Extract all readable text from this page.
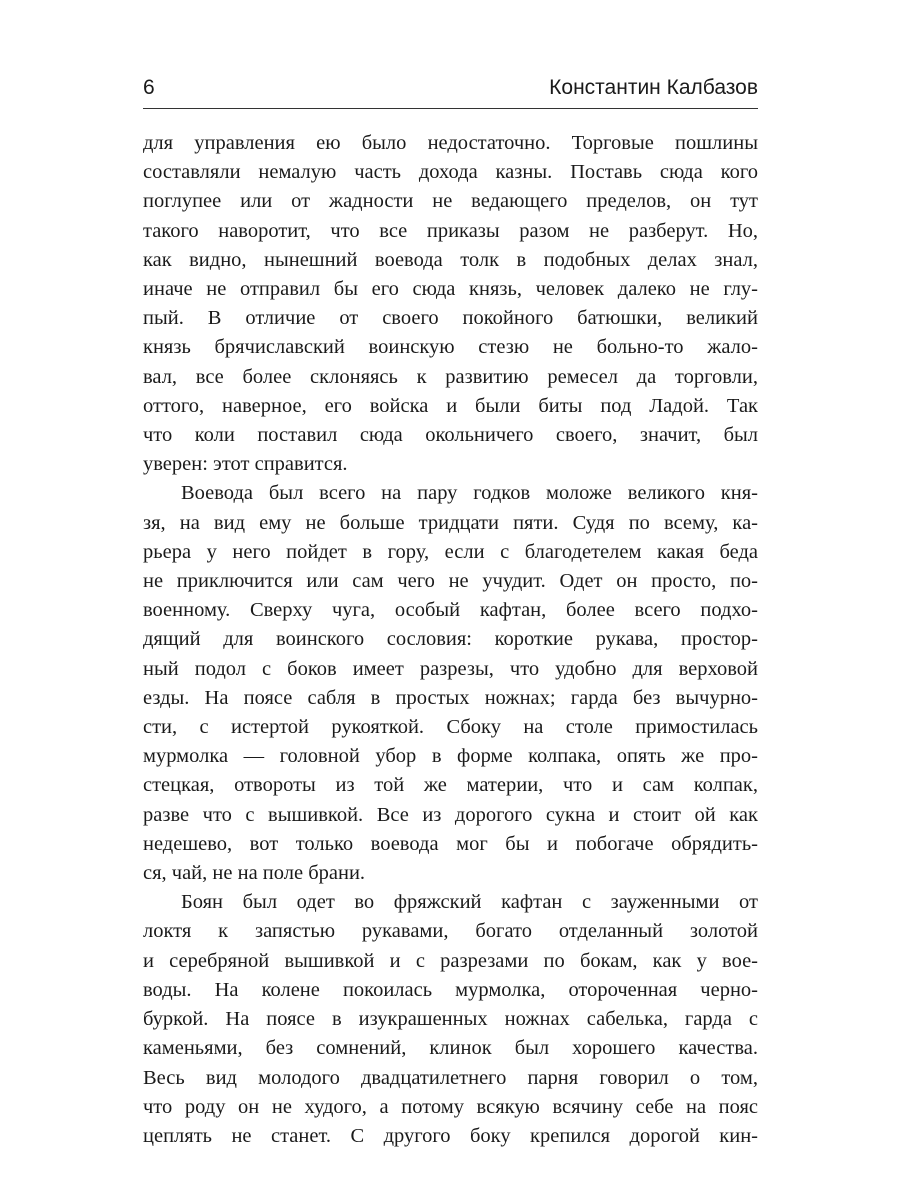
6	Константин Калбазов

для управления ею было недостаточно. Торговые пошлины
составляли немалую часть дохода казны. Поставь сюда кого
поглупее или от жадности не ведающего пределов, он тут
такого наворотит, что все приказы разом не разберут. Но,
как видно, нынешний воевода толк в подобных делах знал,
иначе не отправил бы его сюда князь, человек далеко не глу-
пый. В отличие от своего покойного батюшки, великий
князь брячиславский воинскую стезю не больно-то жало-
вал, все более склоняясь к развитию ремесел да торговли,
оттого, наверное, его войска и были биты под Ладой. Так
что коли поставил сюда окольничего своего, значит, был
уверен: этот справится.

Воевода был всего на пару годков моложе великого кня-
зя, на вид ему не больше тридцати пяти. Судя по всему, ка-
рьера у него пойдет в гору, если с благодетелем какая беда
не приключится или сам чего не учудит. Одет он просто, по-
военному. Сверху чуга, особый кафтан, более всего подхо-
дящий для воинского сословия: короткие рукава, простор-
ный подол с боков имеет разрезы, что удобно для верховой
езды. На поясе сабля в простых ножнах; гарда без вычурно-
сти, с истертой рукояткой. Сбоку на столе примостилась
мурмолка — головной убор в форме колпака, опять же про-
стецкая, отвороты из той же материи, что и сам колпак,
разве что с вышивкой. Все из дорогого сукна и стоит ой как
недешево, вот только воевода мог бы и побогаче обрядить-
ся, чай, не на поле брани.

Боян был одет во фряжский кафтан с зауженными от
локтя к запястью рукавами, богато отделанный золотой
и серебряной вышивкой и с разрезами по бокам, как у вое-
воды. На колене покоилась мурмолка, отороченная черно-
буркой. На поясе в изукрашенных ножнах сабелька, гарда с
каменьями, без сомнений, клинок был хорошего качества.
Весь вид молодого двадцатилетнего парня говорил о том,
что роду он не худого, а потому всякую всячину себе на пояс
цеплять не станет. С другого боку крепился дорогой кин-
